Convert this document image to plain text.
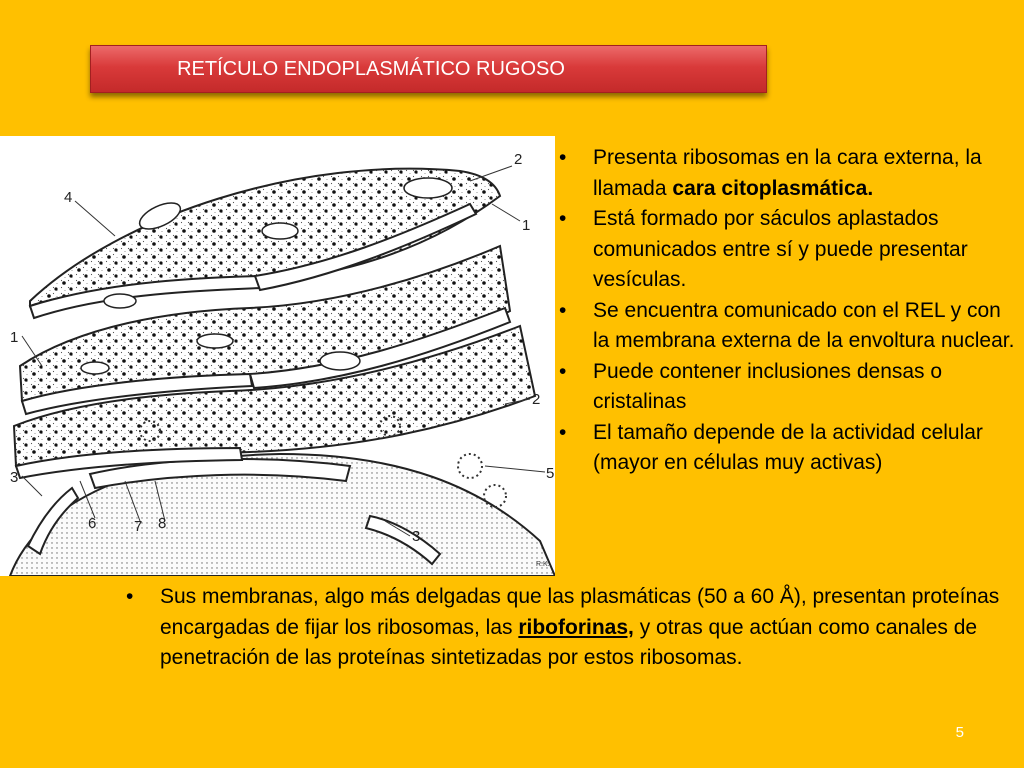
RETÍCULO ENDOPLASMÁTICO RUGOSO
2
1
4
1
2
3	5
6	7 8
3
R.K.
• Presenta ribosomas en la cara externa, la llamada cara citoplasmática.
• Está formado por sáculos aplastados comunicados entre sí y puede presentar vesículas.
• Se encuentra comunicado con el REL y con la membrana externa de la envoltura nuclear.
• Puede contener inclusiones densas o cristalinas
• El tamaño depende de la actividad celular (mayor en células muy activas)
• Sus membranas, algo más delgadas que las plasmáticas (50 a 60 Å), presentan proteínas encargadas de fijar los ribosomas, las riboforinas, y otras que actúan como canales de penetración de las proteínas sintetizadas por estos ribosomas.
5
